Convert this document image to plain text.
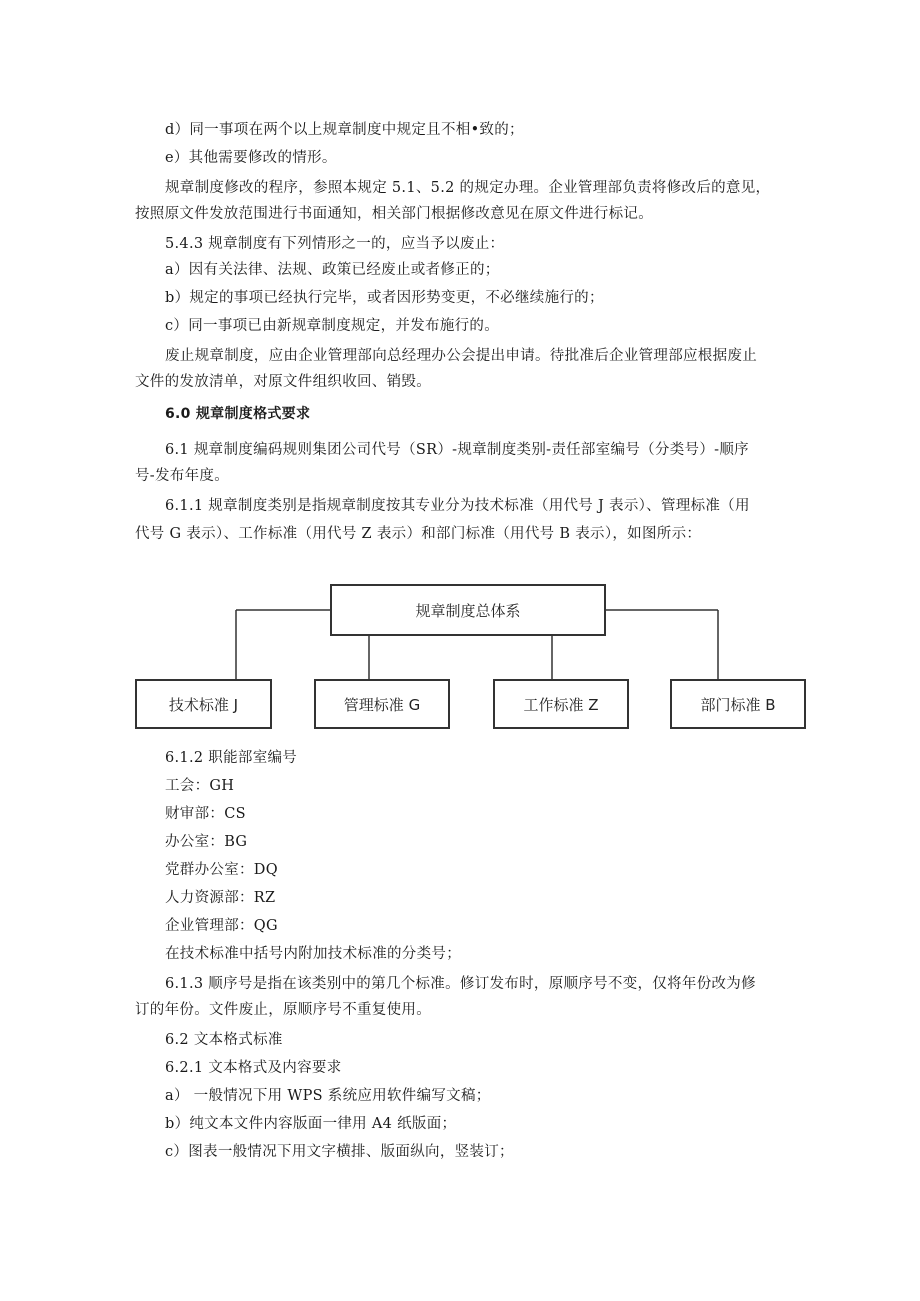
d）同一事项在两个以上规章制度中规定且不相•致的；
e）其他需要修改的情形。
规章制度修改的程序，参照本规定 5.1、5.2 的规定办理。企业管理部负责将修改后的意见，
按照原文件发放范围进行书面通知，相关部门根据修改意见在原文件进行标记。
5.4.3 规章制度有下列情形之一的，应当予以废止：
a）因有关法律、法规、政策已经废止或者修正的；
b）规定的事项已经执行完毕，或者因形势变更，不必继续施行的；
c）同一事项已由新规章制度规定，并发布施行的。
废止规章制度，应由企业管理部向总经理办公会提出申请。待批准后企业管理部应根据废止
文件的发放清单，对原文件组织收回、销毁。
6.0 规章制度格式要求
6.1 规章制度编码规则集团公司代号（SR）-规章制度类别-责任部室编号（分类号）-顺序
号-发布年度。
6.1.1 规章制度类别是指规章制度按其专业分为技术标准（用代号 J 表示）、管理标准（用
代号 G 表示）、工作标准（用代号 Z 表示）和部门标准（用代号 B 表示），如图所示：
规章制度总体系
技术标准 J	管理标准 G	工作标准 Z	部门标准 B
6.1.2 职能部室编号
工会：GH
财审部：CS
办公室：BG
党群办公室：DQ
人力资源部：RZ
企业管理部：QG
在技术标准中括号内附加技术标准的分类号；
6.1.3 顺序号是指在该类别中的第几个标准。修订发布时，原顺序号不变，仅将年份改为修
订的年份。文件废止，原顺序号不重复使用。
6.2 文本格式标准
6.2.1 文本格式及内容要求
a） 一般情况下用 WPS 系统应用软件编写文稿；
b）纯文本文件内容版面一律用 A4 纸版面；
c）图表一般情况下用文字横排、版面纵向，竖装订；
